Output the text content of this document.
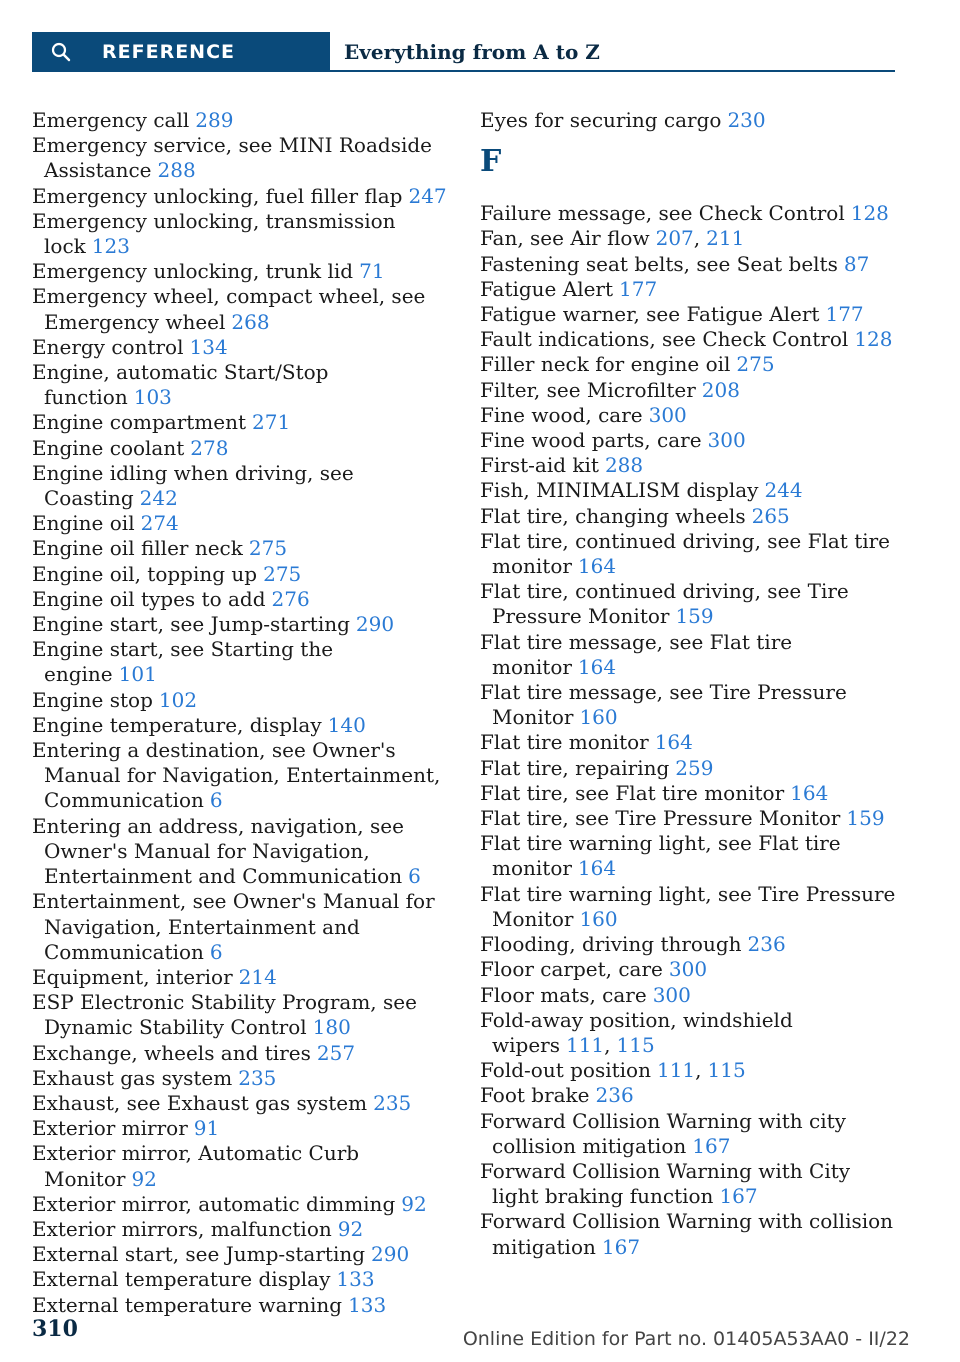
REFERENCE	Everything from A to Z
Emergency call 289
Emergency service, see MINI Roadside Assistance 288
Emergency unlocking, fuel filler flap 247
Emergency unlocking, transmission lock 123
Emergency unlocking, trunk lid 71
Emergency wheel, compact wheel, see Emergency wheel 268
Energy control 134
Engine, automatic Start/Stop function 103
Engine compartment 271
Engine coolant 278
Engine idling when driving, see Coasting 242
Engine oil 274
Engine oil filler neck 275
Engine oil, topping up 275
Engine oil types to add 276
Engine start, see Jump-starting 290
Engine start, see Starting the engine 101
Engine stop 102
Engine temperature, display 140
Entering a destination, see Owner's Manual for Navigation, Entertainment, Communication 6
Entering an address, navigation, see Owner's Manual for Navigation, Entertainment and Communication 6
Entertainment, see Owner's Manual for Navigation, Entertainment and Communication 6
Equipment, interior 214
ESP Electronic Stability Program, see Dynamic Stability Control 180
Exchange, wheels and tires 257
Exhaust gas system 235
Exhaust, see Exhaust gas system 235
Exterior mirror 91
Exterior mirror, Automatic Curb Monitor 92
Exterior mirror, automatic dimming 92
Exterior mirrors, malfunction 92
External start, see Jump-starting 290
External temperature display 133
External temperature warning 133
Eyes for securing cargo 230
F
Failure message, see Check Control 128
Fan, see Air flow 207, 211
Fastening seat belts, see Seat belts 87
Fatigue Alert 177
Fatigue warner, see Fatigue Alert 177
Fault indications, see Check Control 128
Filler neck for engine oil 275
Filter, see Microfilter 208
Fine wood, care 300
Fine wood parts, care 300
First-aid kit 288
Fish, MINIMALISM display 244
Flat tire, changing wheels 265
Flat tire, continued driving, see Flat tire monitor 164
Flat tire, continued driving, see Tire Pressure Monitor 159
Flat tire message, see Flat tire monitor 164
Flat tire message, see Tire Pressure Monitor 160
Flat tire monitor 164
Flat tire, repairing 259
Flat tire, see Flat tire monitor 164
Flat tire, see Tire Pressure Monitor 159
Flat tire warning light, see Flat tire monitor 164
Flat tire warning light, see Tire Pressure Monitor 160
Flooding, driving through 236
Floor carpet, care 300
Floor mats, care 300
Fold-away position, windshield wipers 111, 115
Fold-out position 111, 115
Foot brake 236
Forward Collision Warning with city collision mitigation 167
Forward Collision Warning with City light braking function 167
Forward Collision Warning with collision mitigation 167
310	Online Edition for Part no. 01405A53AA0 - II/22
